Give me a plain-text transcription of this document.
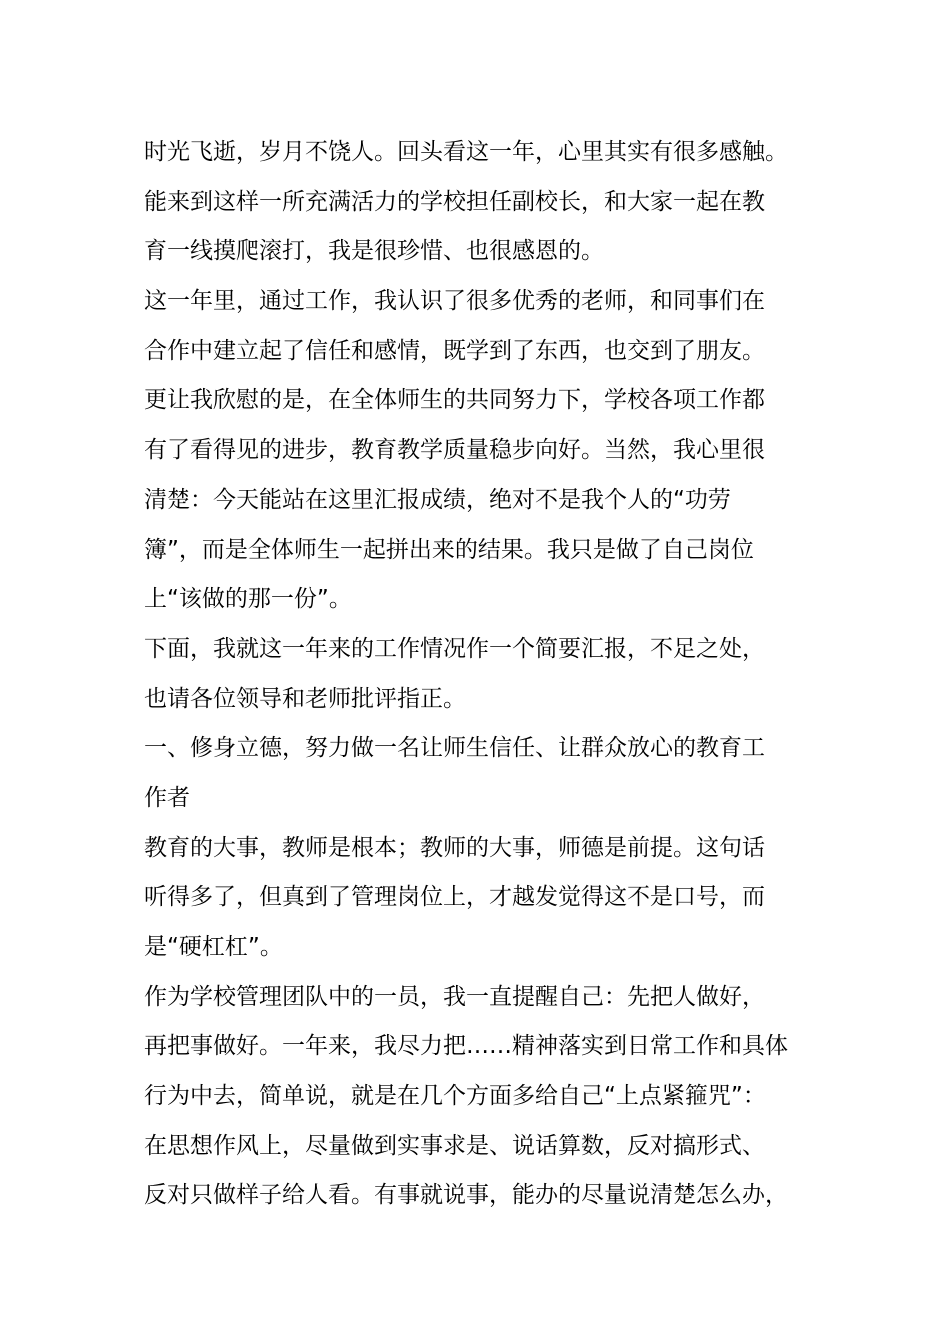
时光飞逝，岁月不饶人。回头看这一年，心里其实有很多感触。
能来到这样一所充满活力的学校担任副校长，和大家一起在教
育一线摸爬滚打，我是很珍惜、也很感恩的。
这一年里，通过工作，我认识了很多优秀的老师，和同事们在
合作中建立起了信任和感情，既学到了东西，也交到了朋友。
更让我欣慰的是，在全体师生的共同努力下，学校各项工作都
有了看得见的进步，教育教学质量稳步向好。当然，我心里很
清楚：今天能站在这里汇报成绩，绝对不是我个人的“功劳
簿”，而是全体师生一起拼出来的结果。我只是做了自己岗位
上“该做的那一份”。
下面，我就这一年来的工作情况作一个简要汇报，不足之处，
也请各位领导和老师批评指正。
一、修身立德，努力做一名让师生信任、让群众放心的教育工
作者
教育的大事，教师是根本；教师的大事，师德是前提。这句话
听得多了，但真到了管理岗位上，才越发觉得这不是口号，而
是“硬杠杠”。
作为学校管理团队中的一员，我一直提醒自己：先把人做好，
再把事做好。一年来，我尽力把……精神落实到日常工作和具体
行为中去，简单说，就是在几个方面多给自己“上点紧箍咒”：
在思想作风上，尽量做到实事求是、说话算数，反对搞形式、
反对只做样子给人看。有事就说事，能办的尽量说清楚怎么办，
